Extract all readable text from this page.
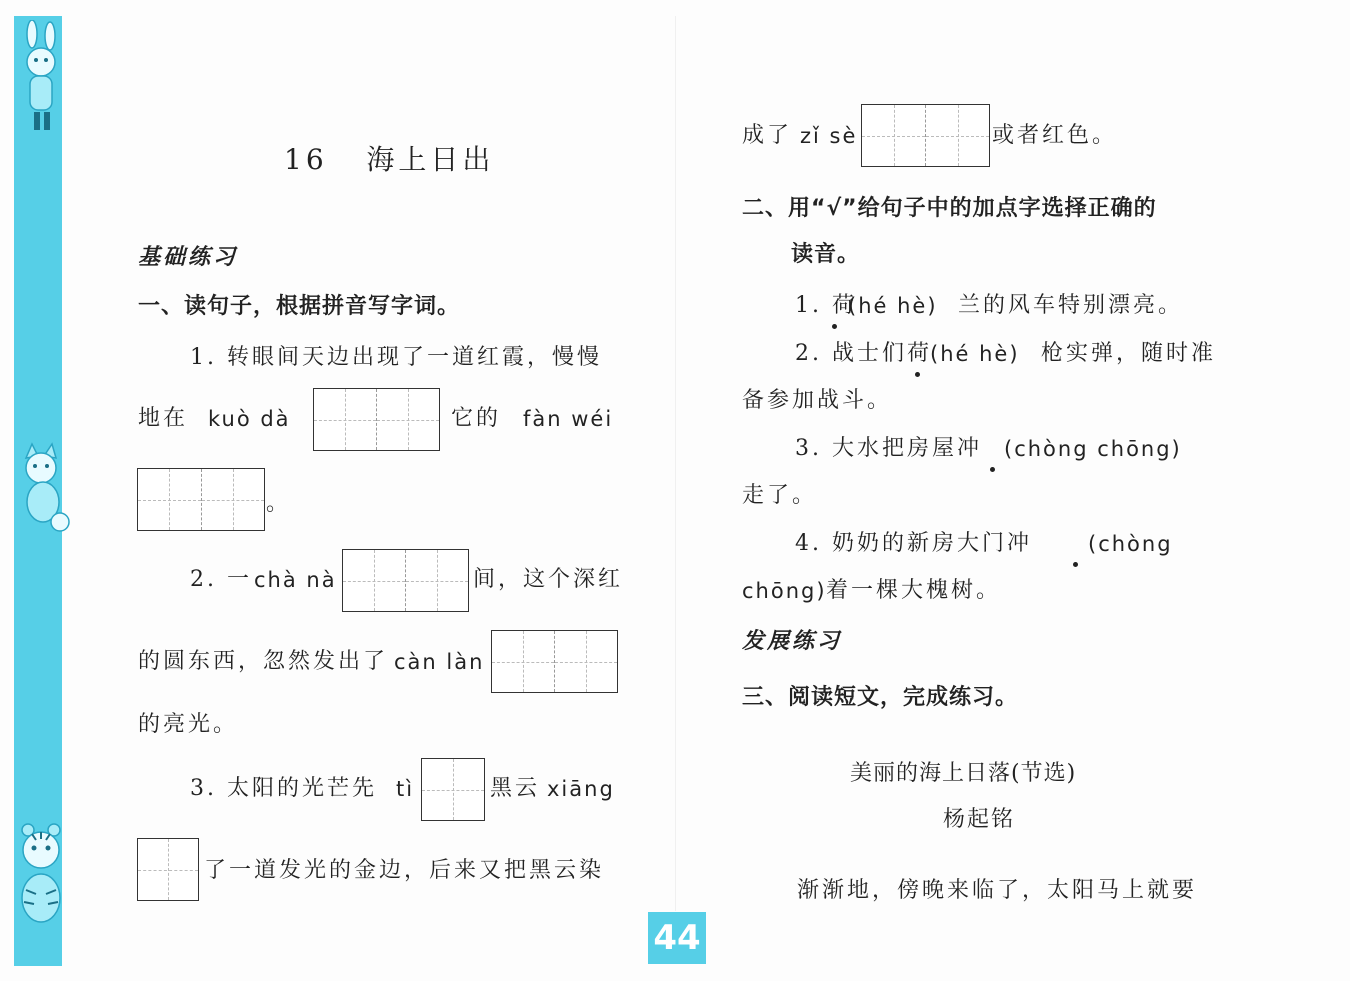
16 海上日出
基础练习
一、读句子，根据拼音写字词。
1. 转眼间天边出现了一道红霞，慢慢
地在 kuò dà	它的 fàn wéi
。
2. 一 chà nà	间，这个深红
的圆东西，忽然发出了 càn làn
的亮光。
3. 太阳的光芒先 tì	黑云 xiāng
了一道发光的金边，后来又把黑云染
成了 zǐ sè	或者红色。
二、用“√”给句子中的加点字选择正确的
读音。
1. 荷
(hé hè) 兰的风车特别漂亮。
2. 战士们荷
(hé hè) 枪实弹，随时准
备参加战斗。
3. 大水把房屋冲 (chòng chōng)
走了。
4. 奶奶的新房大门冲	(chòng
chōng) 着一棵大槐树。
发展练习
三、阅读短文，完成练习。
美丽的海上日落(节选)
杨起铭
渐渐地，傍晚来临了，太阳马上就要
44
